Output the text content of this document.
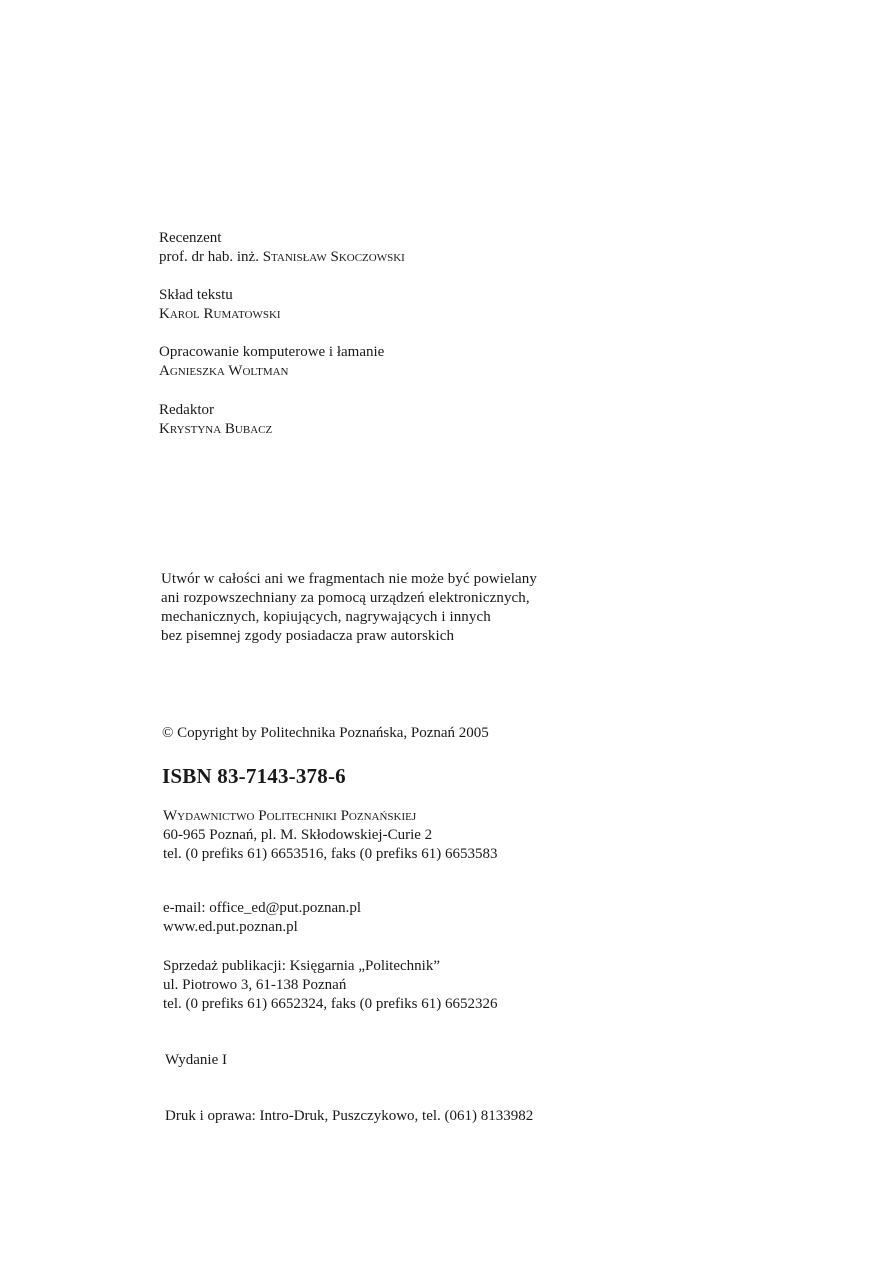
Recenzent
prof. dr hab. inż. Stanisław Skoczowski
Skład tekstu
Karol Rumatowski
Opracowanie komputerowe i łamanie
Agnieszka Woltman
Redaktor
Krystyna Bubacz
Utwór w całości ani we fragmentach nie może być powielany
ani rozpowszechniany za pomocą urządzeń elektronicznych,
mechanicznych, kopiujących, nagrywających i innych
bez pisemnej zgody posiadacza praw autorskich
© Copyright by Politechnika Poznańska, Poznań 2005
ISBN 83-7143-378-6
Wydawnictwo Politechniki Poznańskiej
60-965 Poznań, pl. M. Skłodowskiej-Curie 2
tel. (0 prefiks 61) 6653516, faks (0 prefiks 61) 6653583
e-mail: office_ed@put.poznan.pl
www.ed.put.poznan.pl
Sprzedaż publikacji: Księgarnia „Politechnik”
ul. Piotrowo 3, 61-138 Poznań
tel. (0 prefiks 61) 6652324, faks (0 prefiks 61) 6652326
Wydanie I
Druk i oprawa: Intro-Druk, Puszczykowo, tel. (061) 8133982
